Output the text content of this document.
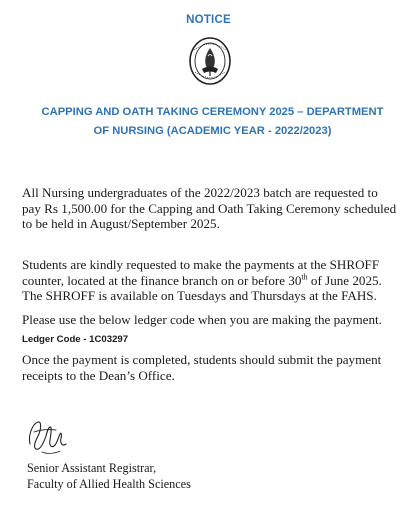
NOTICE
CAPPING AND OATH TAKING CEREMONY 2025 – DEPARTMENT
OF NURSING (ACADEMIC YEAR - 2022/2023)
All Nursing undergraduates of the 2022/2023 batch are requested to
pay Rs 1,500.00 for the Capping and Oath Taking Ceremony scheduled
to be held in August/September 2025.
Students are kindly requested to make the payments at the SHROFF
counter, located at the finance branch on or before 30th of June 2025.
The SHROFF is available on Tuesdays and Thursdays at the FAHS.
Please use the below ledger code when you are making the payment.
Ledger Code - 1C03297
Once the payment is completed, students should submit the payment
receipts to the Dean’s Office.
Senior Assistant Registrar,
Faculty of Allied Health Sciences
